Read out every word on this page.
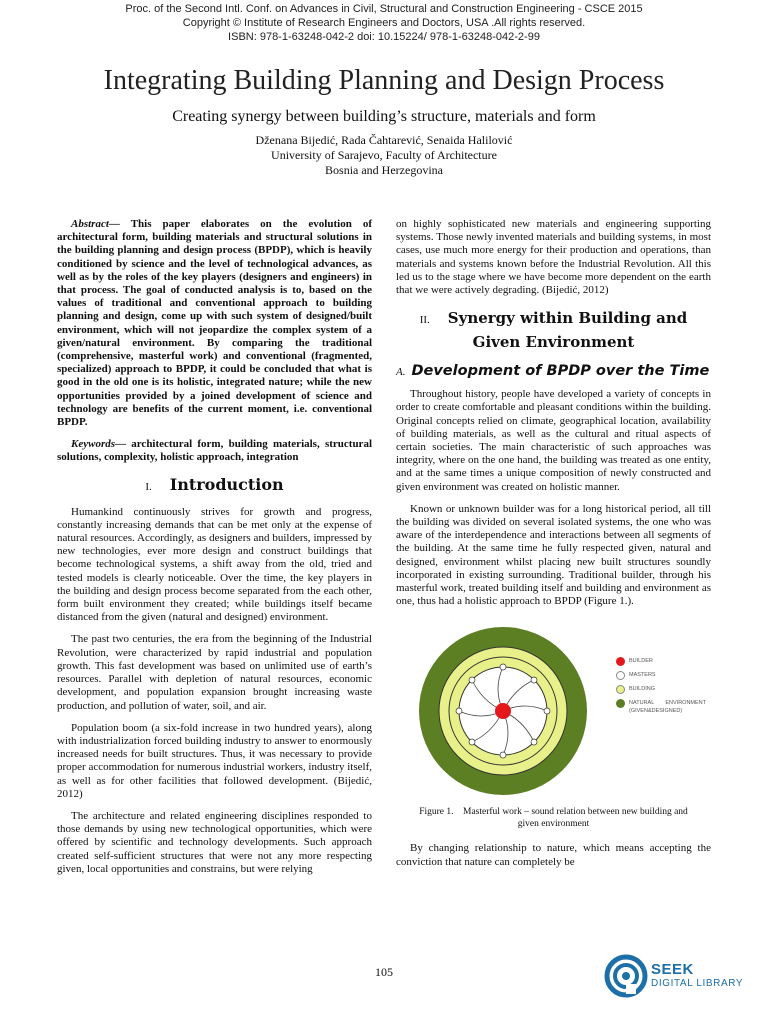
Proc. of the Second Intl. Conf. on Advances in Civil, Structural and Construction Engineering - CSCE 2015
Copyright © Institute of Research Engineers and Doctors, USA .All rights reserved.
ISBN: 978-1-63248-042-2 doi: 10.15224/ 978-1-63248-042-2-99
Integrating Building Planning and Design Process
Creating synergy between building’s structure, materials and form
Dženana Bijedić, Rada Čahtarević, Senaida Halilović
University of Sarajevo, Faculty of Architecture
Bosnia and Herzegovina

Abstract— This paper elaborates on the evolution of architectural form, building materials and structural solutions in the building planning and design process (BPDP), which is heavily conditioned by science and the level of technological advances, as well as by the roles of the key players (designers and engineers) in that process. The goal of conducted analysis is to, based on the values of traditional and conventional approach to building planning and design, come up with such system of designed/built environment, which will not jeopardize the complex system of a given/natural environment. By comparing the traditional (comprehensive, masterful work) and conventional (fragmented, specialized) approach to BPDP, it could be concluded that what is good in the old one is its holistic, integrated nature; while the new opportunities provided by a joined development of science and technology are benefits of the current moment, i.e. conventional BPDP.

Keywords— architectural form, building materials, structural solutions, complexity, holistic approach, integration

I. Introduction

Humankind continuously strives for growth and progress, constantly increasing demands that can be met only at the expense of natural resources. Accordingly, as designers and builders, impressed by new technologies, ever more design and construct buildings that become technological systems, a shift away from the old, tried and tested models is clearly noticeable. Over the time, the key players in the building and design process become separated from the each other, form built environment they created; while buildings itself became distanced from the given (natural and designed) environment.

The past two centuries, the era from the beginning of the Industrial Revolution, were characterized by rapid industrial and population growth. This fast development was based on unlimited use of earth’s resources. Parallel with depletion of natural resources, economic development, and population expansion brought increasing waste production, and pollution of water, soil, and air.

Population boom (a six-fold increase in two hundred years), along with industrialization forced building industry to answer to enormously increased needs for built structures. Thus, it was necessary to provide proper accommodation for numerous industrial workers, industry itself, as well as for other facilities that followed development. (Bijedić, 2012)

The architecture and related engineering disciplines responded to those demands by using new technological opportunities, which were offered by scientific and technology developments. Such approach created self-sufficient structures that were not any more respecting given, local opportunities and constrains, but were relying

on highly sophisticated new materials and engineering supporting systems. Those newly invented materials and building systems, in most cases, use much more energy for their production and operations, than materials and systems known before the Industrial Revolution. All this led us to the stage where we have become more dependent on the earth that we were actively degrading. (Bijedić, 2012)

II. Synergy within Building and
Given Environment
A. Development of BPDP over the Time

Throughout history, people have developed a variety of concepts in order to create comfortable and pleasant conditions within the building. Original concepts relied on climate, geographical location, availability of building materials, as well as the cultural and ritual aspects of certain societies. The main characteristic of such approaches was integrity, where on the one hand, the building was treated as one entity, and at the same times a unique composition of newly constructed and given environment was created on holistic manner.

Known or unknown builder was for a long historical period, all till the building was divided on several isolated systems, the one who was aware of the interdependence and interactions between all segments of the building. At the same time he fully respected given, natural and designed, environment whilst placing new built structures soundly incorporated in existing surrounding. Traditional builder, through his masterful work, treated building itself and building and environment as one, thus had a holistic approach to BPDP (Figure 1.).

BUILDER
MASTERS
BUILDING
NATURAL ENVIRONMENT (GIVEN&DESIGNED)
Figure 1. Masterful work – sound relation between new building and given environment

By changing relationship to nature, which means accepting the conviction that nature can completely be

105	SEEK
DIGITAL LIBRARY
